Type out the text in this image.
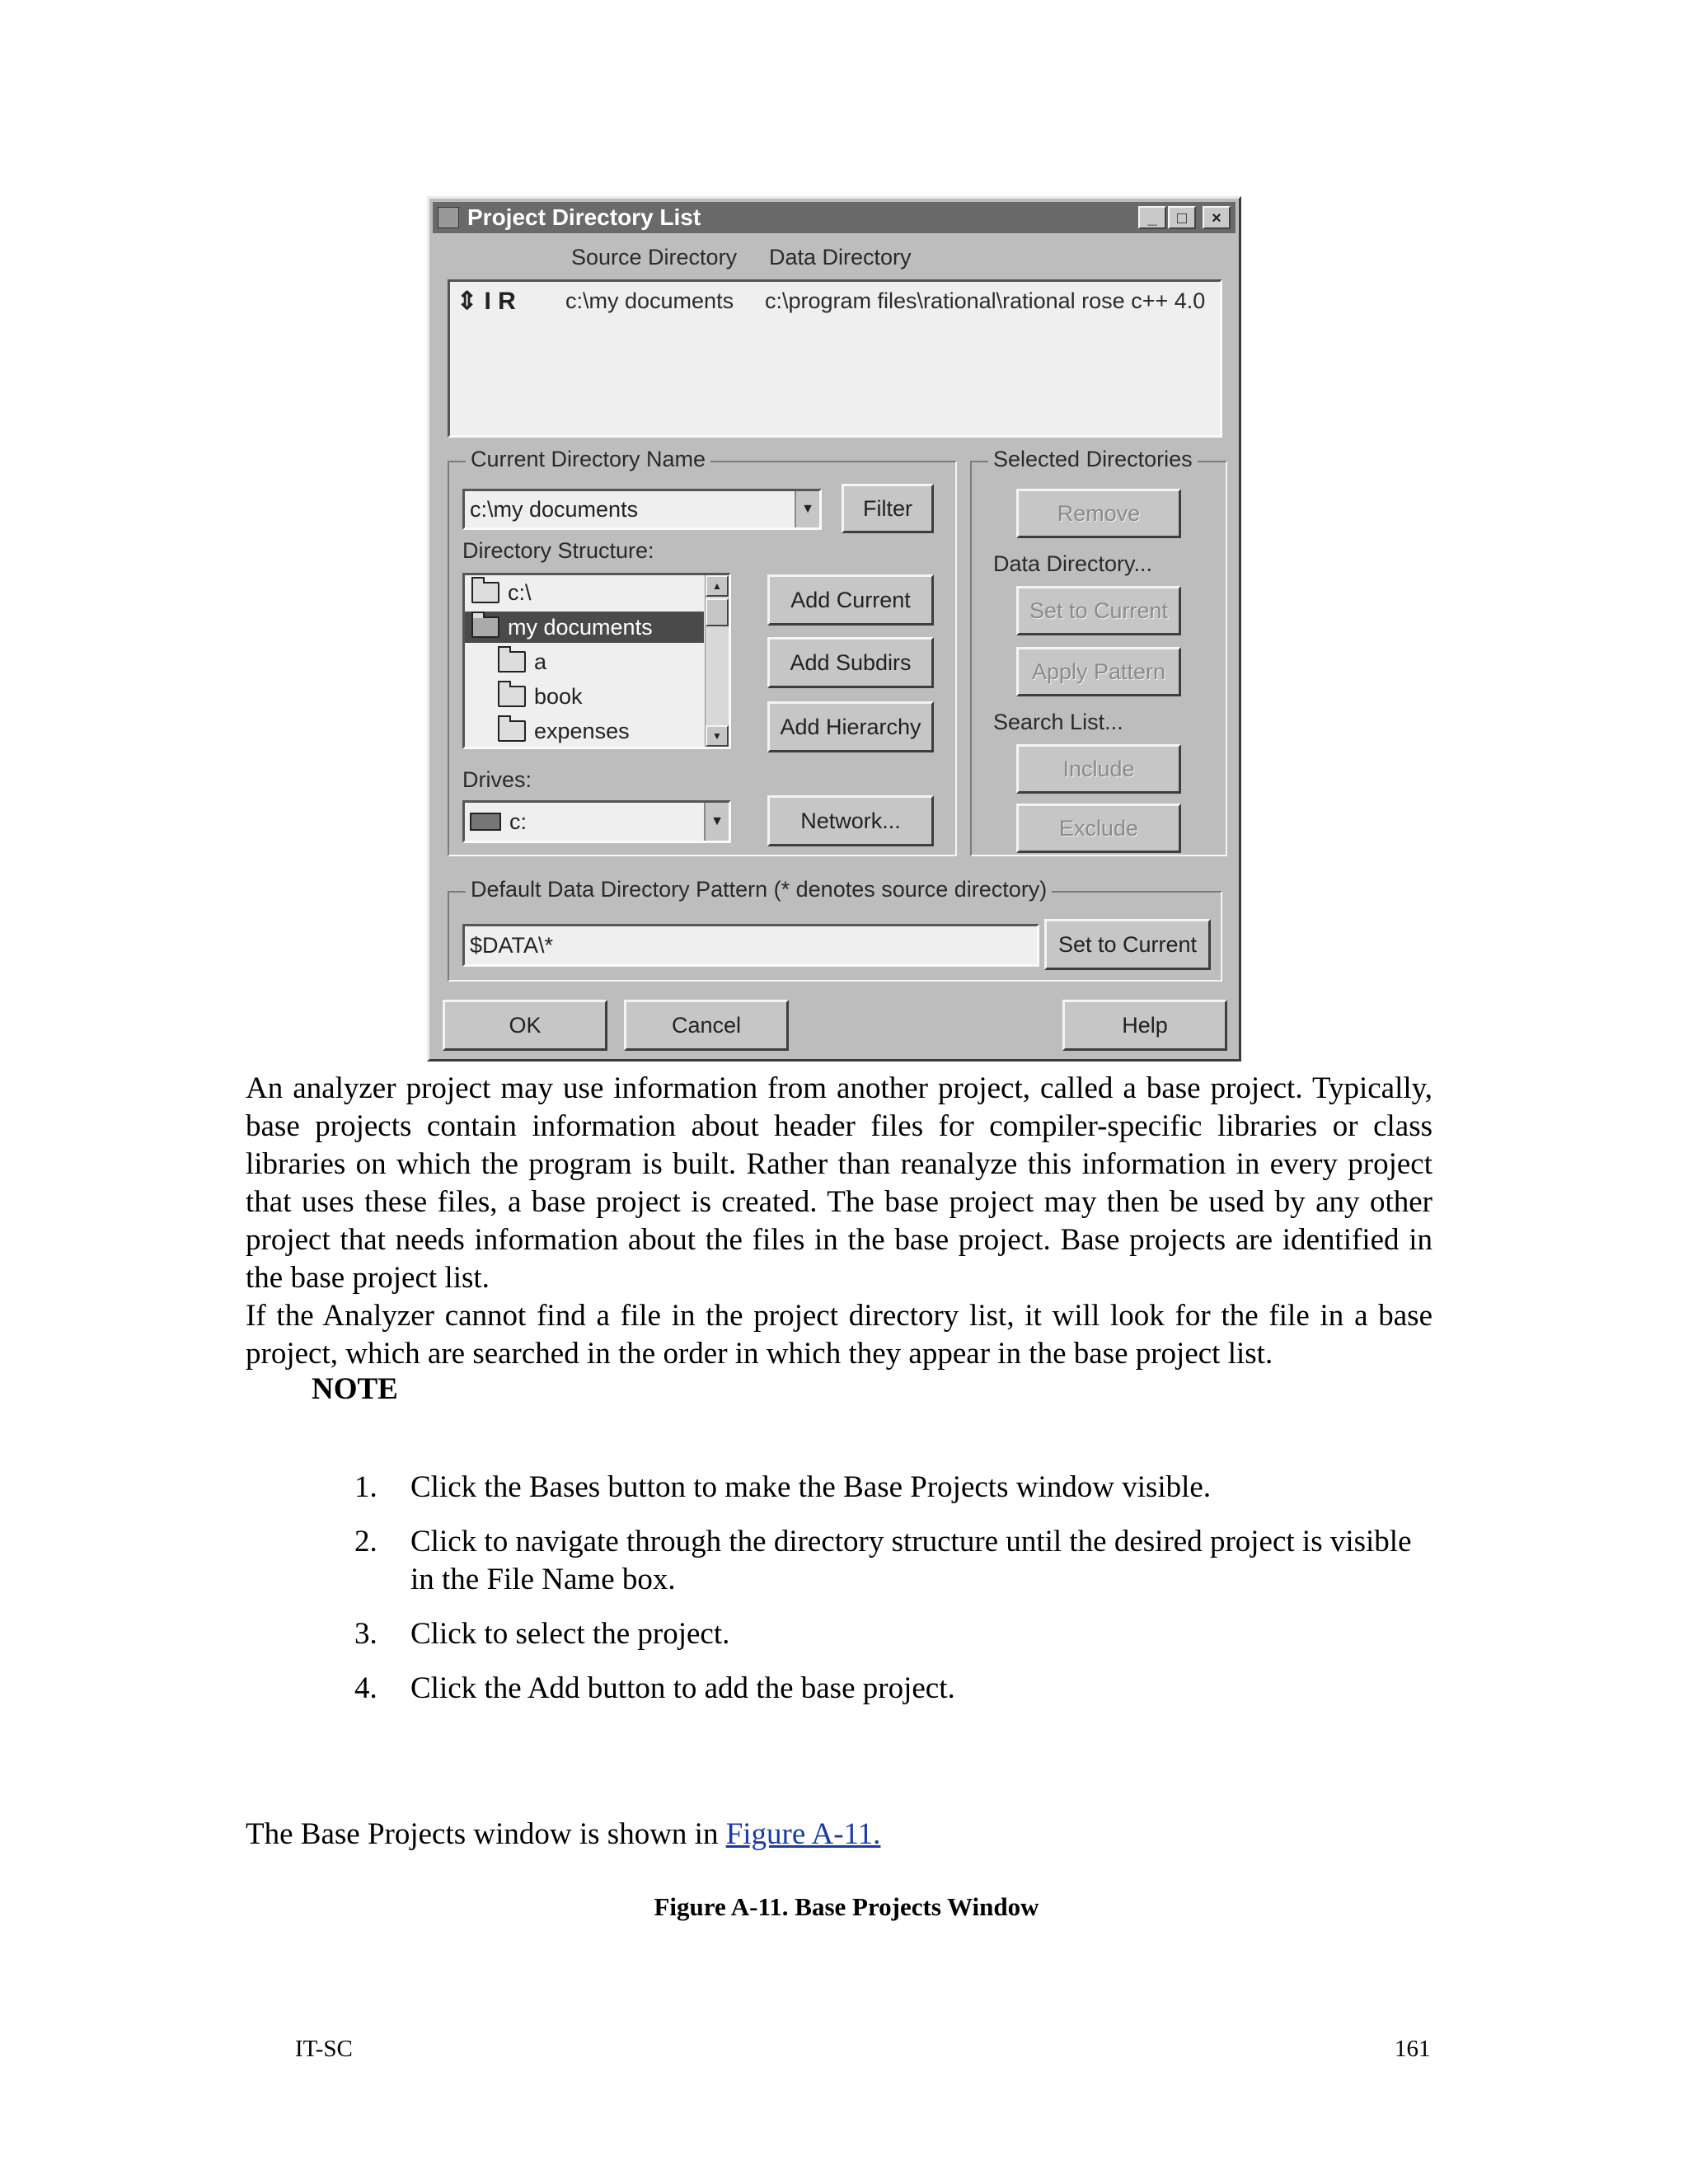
Project Directory List	_	□	×
Source Directory Data Directory
⇕ I R c:\my documents c:\program files\rational\rational rose c++ 4.0
Current Directory Name
c:\my documents	▼	Filter
Directory Structure:
c:\
my documents
a
book
expenses
▲
▼
Add Current
Add Subdirs
Add Hierarchy
Drives:
c:	▼	Network...
Selected Directories
Remove
Data Directory...
Set to Current
Apply Pattern
Search List...
Include
Exclude
Default Data Directory Pattern (* denotes source directory)
$DATA\*	Set to Current
OK	Cancel	Help

An analyzer project may use information from another project, called a base project. Typically, base projects contain information about header files for compiler-specific libraries or class libraries on which the program is built. Rather than reanalyze this information in every project that uses these files, a base project is created. The base project may then be used by any other project that needs information about the files in the base project. Base projects are identified in the base project list.

If the Analyzer cannot find a file in the project directory list, it will look for the file in a base project, which are searched in the order in which they appear in the base project list.

NOTE
1. Click the Bases button to make the Base Projects window visible.
2. Click to navigate through the directory structure until the desired project is visible in the File Name box.
3. Click to select the project.
4. Click the Add button to add the base project.
The Base Projects window is shown in Figure A-11.
Figure A-11. Base Projects Window
IT-SC	161
